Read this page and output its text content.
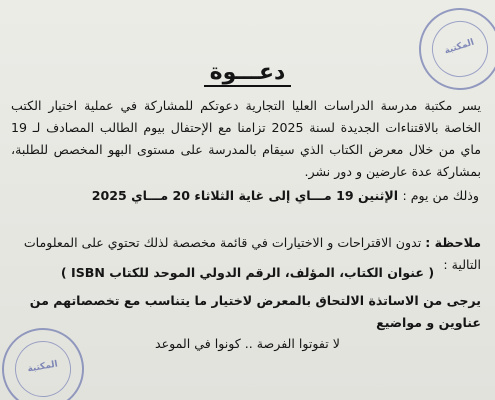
المكتبة
دعـــوة

يسر مكتبة مدرسة الدراسات العليا التجارية دعوتكم للمشاركة في عملية اختيار الكتب الخاصة بالاقتناءات الجديدة لسنة 2025 تزامنا مع الإحتفال بيوم الطالب المصادف لـ 19 ماي من خلال معرض الكتاب الذي سيقام بالمدرسة على مستوى البهو المخصص للطلبة، بمشاركة عدة عارضين و دور نشر.

وذلك من يوم : الإثنين 19 مـــاي إلى غاية الثلاثاء 20 مـــاي 2025
ملاحظة : تدون الاقتراحات و الاختيارات في قائمة مخصصة لذلك تحتوي على المعلومات التالية :
( عنوان الكتاب، المؤلف، الرقم الدولي الموحد للكتاب ISBN )
يرجى من الاساتذة الالتحاق بالمعرض لاختيار ما يتناسب مع تخصصاتهم من عناوين و مواضيع
لا تفوتوا الفرصة .. كونوا في الموعد
المكتبة
